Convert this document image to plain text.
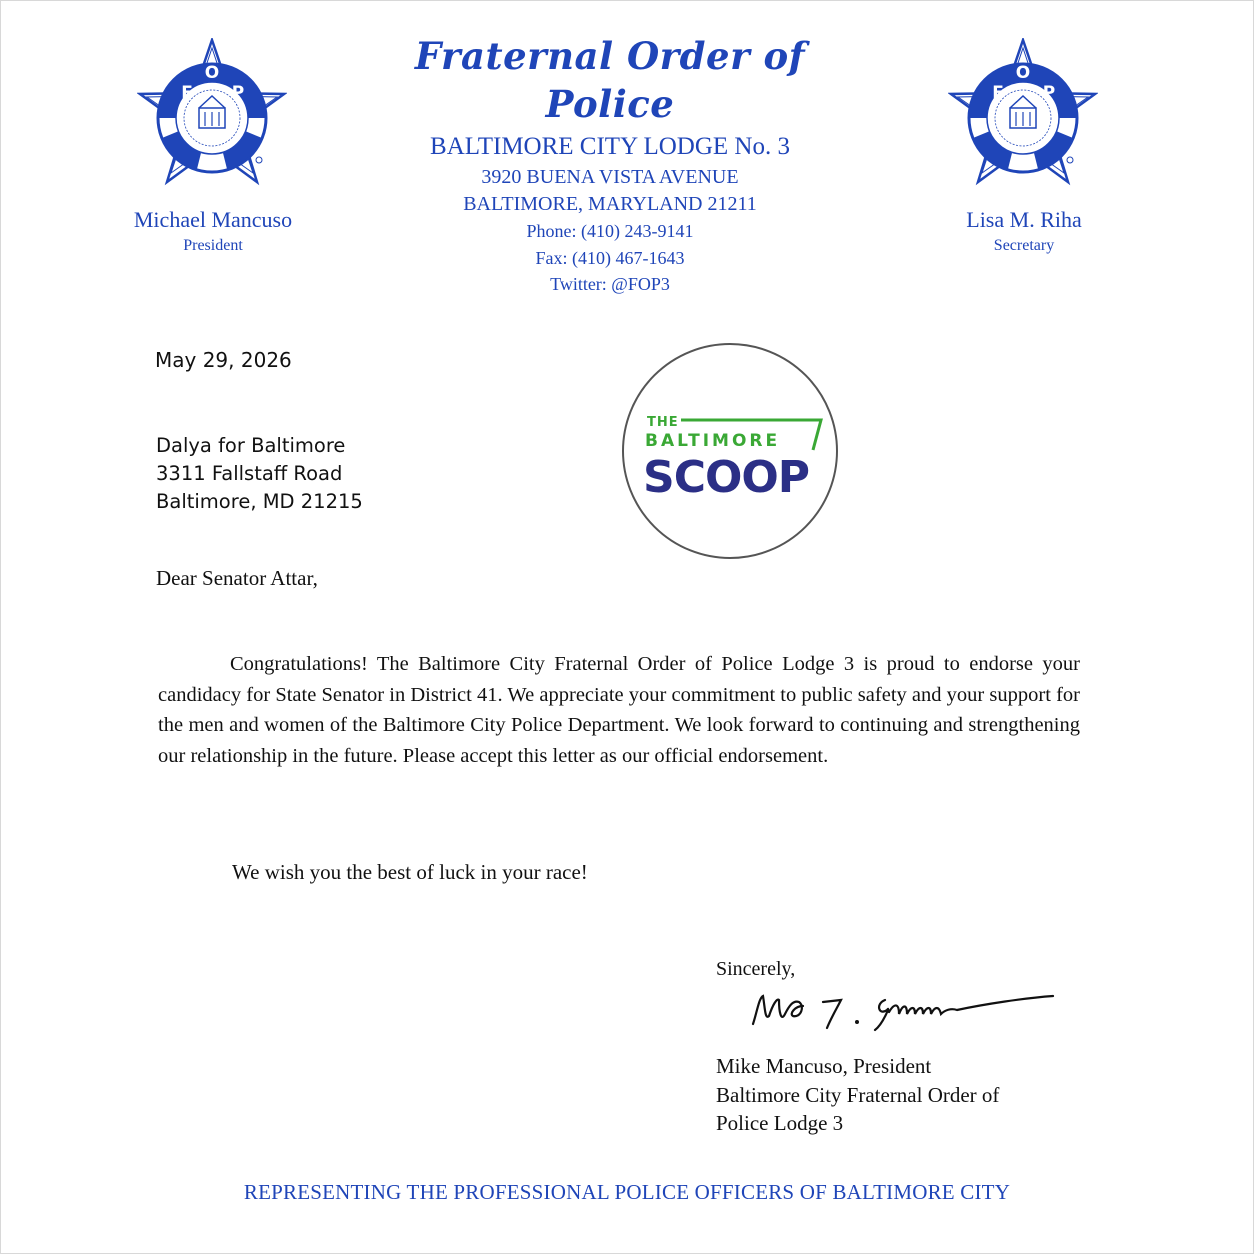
F
O
P	F
O
P
Fraternal Order of Police
BALTIMORE CITY LODGE No. 3
3920 BUENA VISTA AVENUE
BALTIMORE, MARYLAND 21211
Phone: (410) 243-9141
Fax: (410) 467-1643
Twitter: @FOP3
Michael Mancuso
President
Lisa M. Riha
Secretary
May 29, 2026
Dalya for Baltimore
3311 Fallstaff Road
Baltimore, MD 21215
THE
BALTIMORE
SCOOP
Dear Senator Attar,
Congratulations! The Baltimore City Fraternal Order of Police Lodge 3 is proud to endorse your candidacy for State Senator in District 41. We appreciate your commitment to public safety and your support for the men and women of the Baltimore City Police Department. We look forward to continuing and strengthening our relationship in the future. Please accept this letter as our official endorsement.
We wish you the best of luck in your race!
Sincerely,
Mike Mancuso, President
Baltimore City Fraternal Order of
Police Lodge 3
REPRESENTING THE PROFESSIONAL POLICE OFFICERS OF BALTIMORE CITY
